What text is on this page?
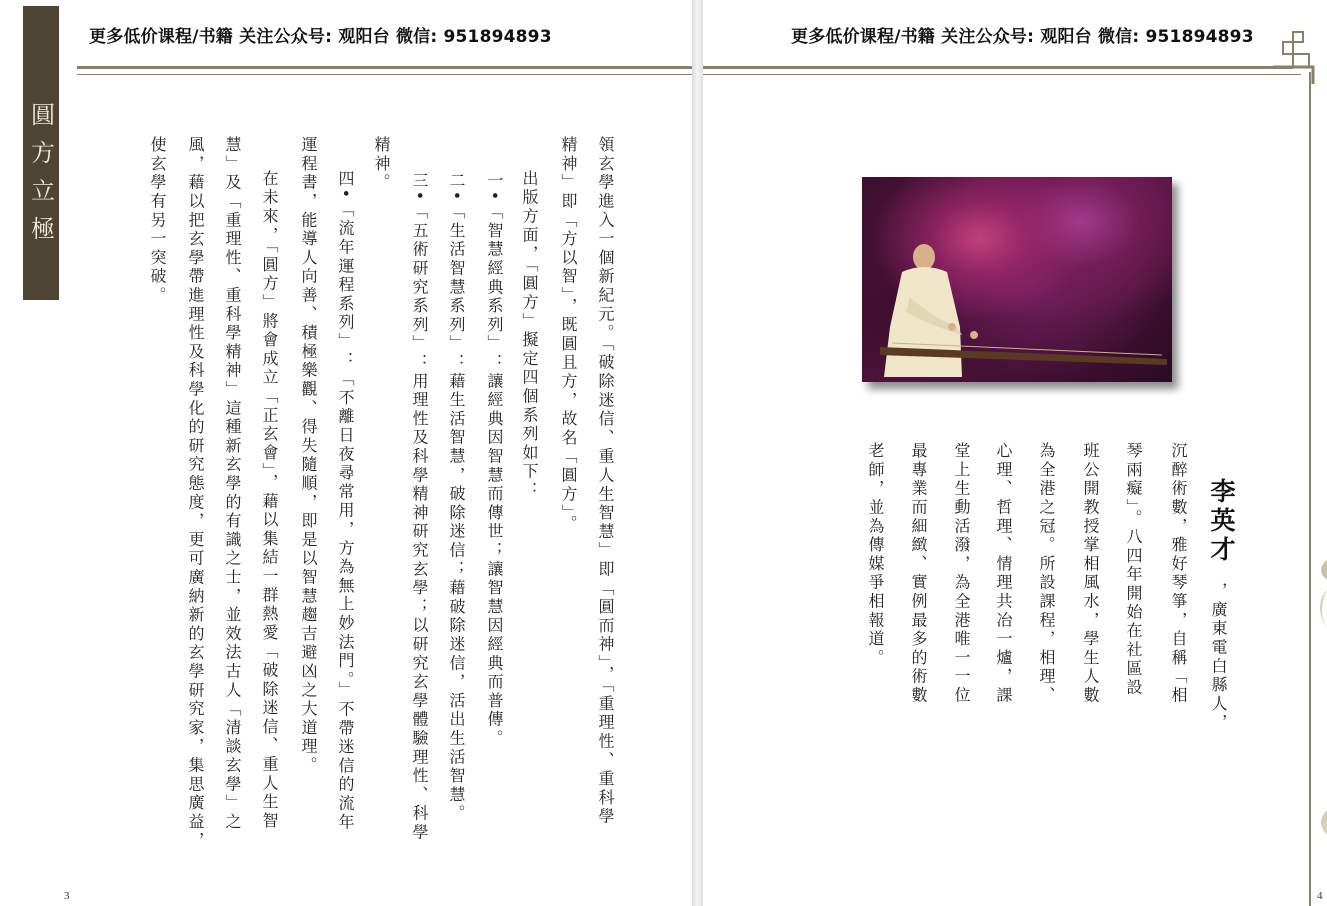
圓方立極
更多低价课程/书籍 关注公众号: 观阳台 微信: 951894893
領玄學進入一個新紀元。「破除迷信、重人生智慧」即「圓而神」，「重理性、重科學
精神」即「方以智」，既圓且方，故名「圓方」。
　出版方面，「圓方」擬定四個系列如下：
一•「智慧經典系列」：讓經典因智慧而傳世；讓智慧因經典而普傳。
二•「生活智慧系列」：藉生活智慧，破除迷信；藉破除迷信，活出生活智慧。
三•「五術研究系列」：用理性及科學精神研究玄學；以研究玄學體驗理性、科學
精神。
　四•「流年運程系列」：「不離日夜尋常用，方為無上妙法門。」不帶迷信的流年
運程書，能導人向善、積極樂觀、得失隨順，即是以智慧趨吉避凶之大道理。
　在未來，「圓方」將會成立「正玄會」，藉以集結一群熱愛「破除迷信、重人生智
慧」及「重理性、重科學精神」這種新玄學的有識之士，並效法古人「清談玄學」之
風，藉以把玄學帶進理性及科學化的研究態度，更可廣納新的玄學研究家，集思廣益，
使玄學有另一突破。
3
更多低价课程/书籍 关注公众号: 观阳台 微信: 951894893
4
李英才
，廣東電白縣人，
沉醉術數，雅好琴箏，自稱「相
琴兩癡」。八四年開始在社區設
班公開教授掌相風水，學生人數
為全港之冠。所設課程，相理、
心理、哲理、情理共冶一爐，課
堂上生動活潑，為全港唯一一位
最專業而細緻、實例最多的術數
老師，並為傳媒爭相報道。
